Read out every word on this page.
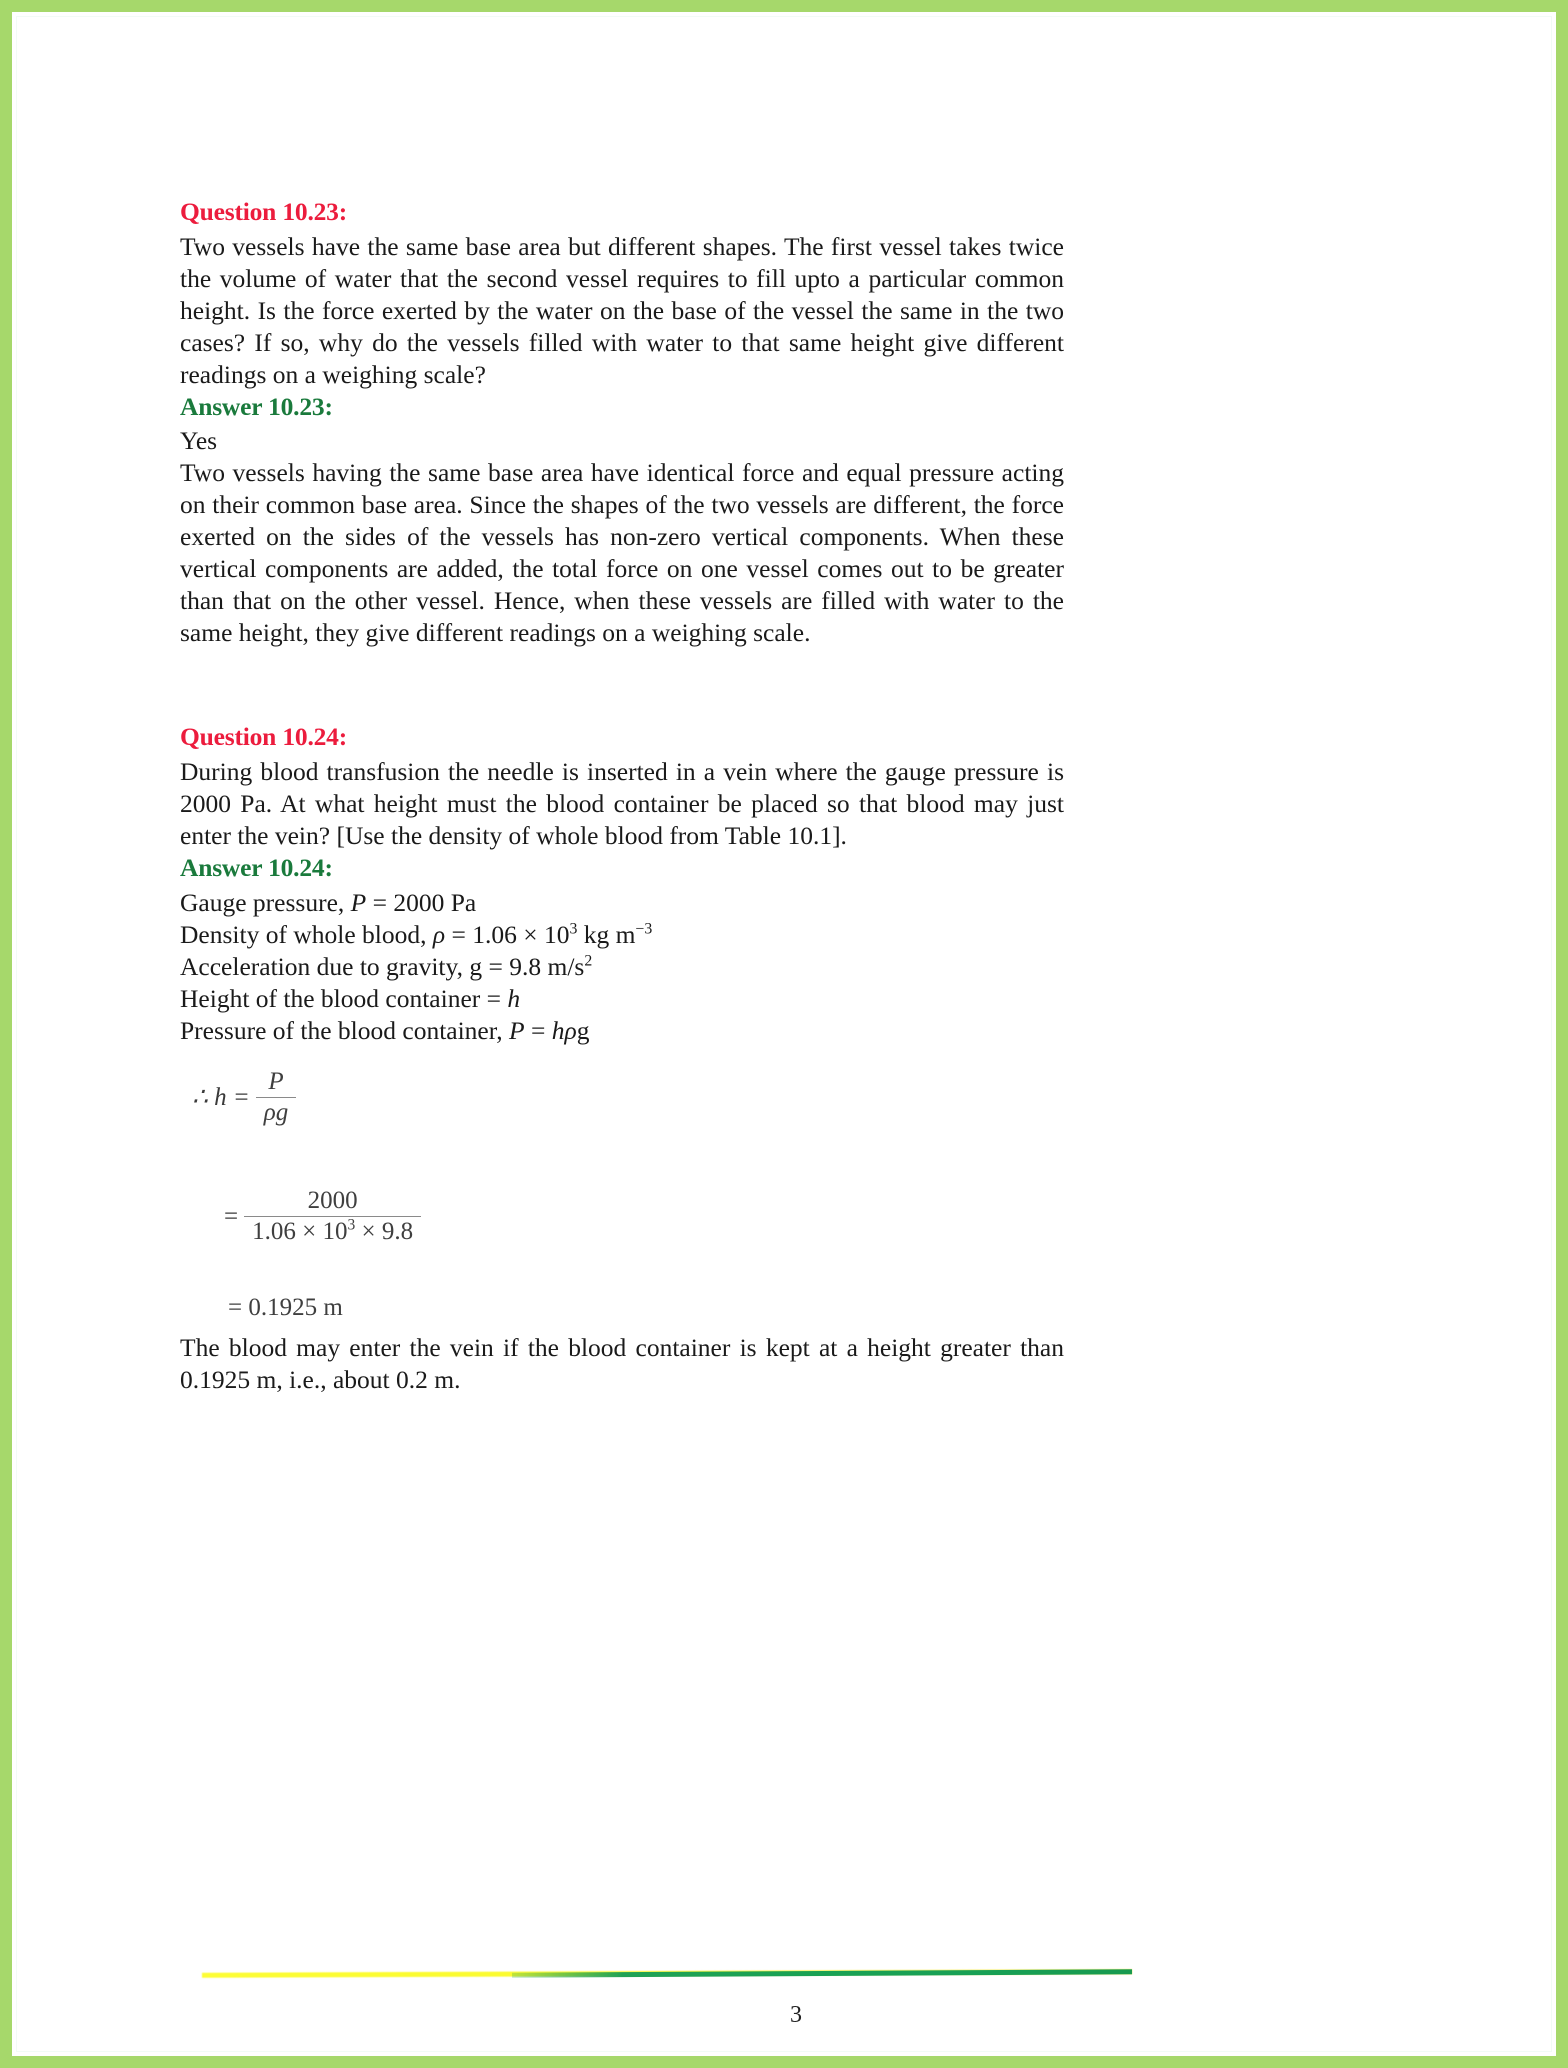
Question 10.23:

Two vessels have the same base area but different shapes. The first vessel takes twice the volume of water that the second vessel requires to fill upto a particular common height. Is the force exerted by the water on the base of the vessel the same in the two cases? If so, why do the vessels filled with water to that same height give different readings on a weighing scale?

Answer 10.23:

Yes

Two vessels having the same base area have identical force and equal pressure acting on their common base area. Since the shapes of the two vessels are different, the force exerted on the sides of the vessels has non-zero vertical components. When these vertical components are added, the total force on one vessel comes out to be greater than that on the other vessel. Hence, when these vessels are filled with water to the same height, they give different readings on a weighing scale.

Question 10.24:

During blood transfusion the needle is inserted in a vein where the gauge pressure is 2000 Pa. At what height must the blood container be placed so that blood may just enter the vein? [Use the density of whole blood from Table 10.1].

Answer 10.24:
Gauge pressure, P = 2000 Pa
Density of whole blood, $\rho = 1.06 \times 10^3$ kg $m^{-3}$
Acceleration due to gravity, g = 9.8 $m/s^2$
Height of the blood container = h
Pressure of the blood container, P = hρg
∴ $h = \frac{P}{\rho g}$
= $\frac{2000}{1.06 \times 10^3 \times 9.8}$
= 0.1925 m

The blood may enter the vein if the blood container is kept at a height greater than 0.1925 m, i.e., about 0.2 m.

3
